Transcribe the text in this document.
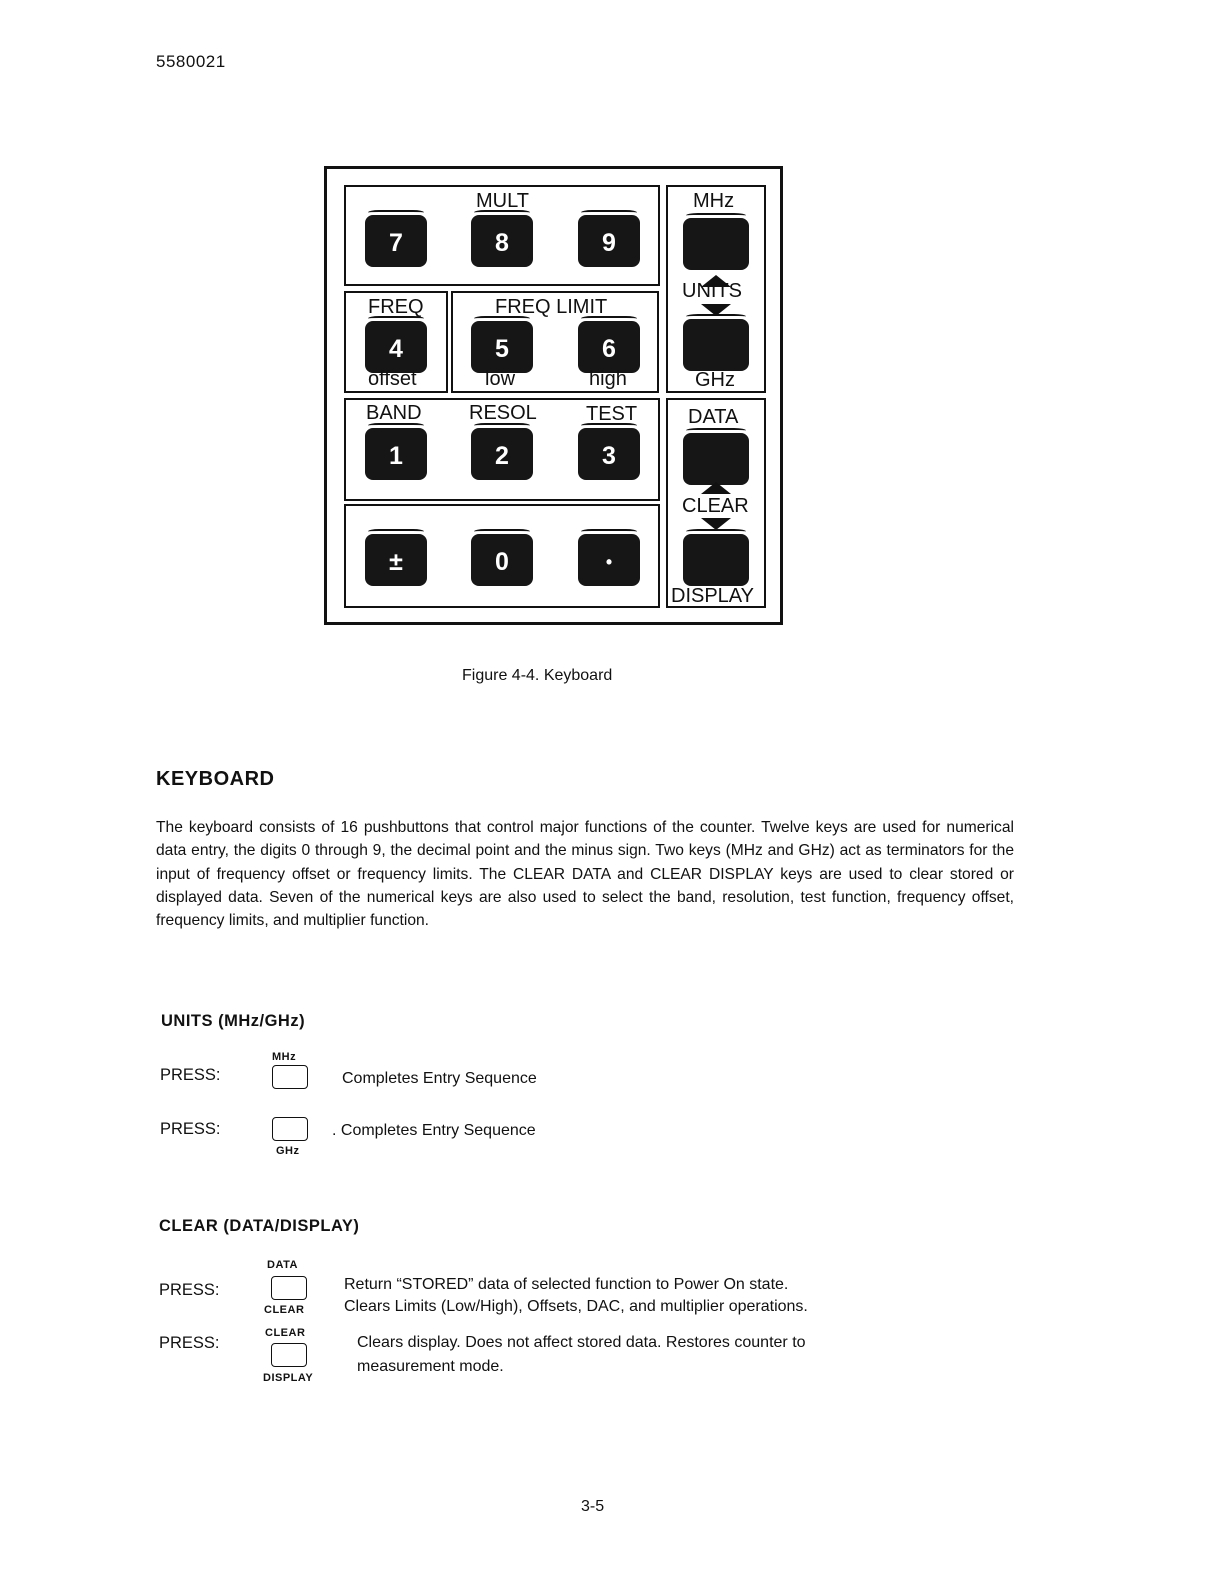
5580021
MULT
7	8	9
FREQ
4
offset
FREQ LIMIT
5	6
low	high
BAND RESOL TEST
1	2	3
±	0	•
MHz
UNITS
GHz
DATA
CLEAR
DISPLAY
Figure 4-4. Keyboard
KEYBOARD
The keyboard consists of 16 pushbuttons that control major functions of the counter. Twelve keys are used for numerical data entry, the digits 0 through 9, the decimal point and the minus sign. Two keys (MHz and GHz) act as terminators for the input of frequency offset or frequency limits. The CLEAR DATA and CLEAR DISPLAY keys are used to clear stored or displayed data. Seven of the numerical keys are also used to select the band, resolution, test function, frequency offset, frequency limits, and multiplier function.
UNITS (MHz/GHz)
PRESS:
MHz
Completes Entry Sequence
PRESS:
GHz
. Completes Entry Sequence
CLEAR (DATA/DISPLAY)
PRESS:
DATA
CLEAR
Return “STORED” data of selected function to Power On state.
Clears Limits (Low/High), Offsets, DAC, and multiplier operations.
PRESS:
CLEAR
DISPLAY
Clears display. Does not affect stored data. Restores counter to
measurement mode.
3-5
